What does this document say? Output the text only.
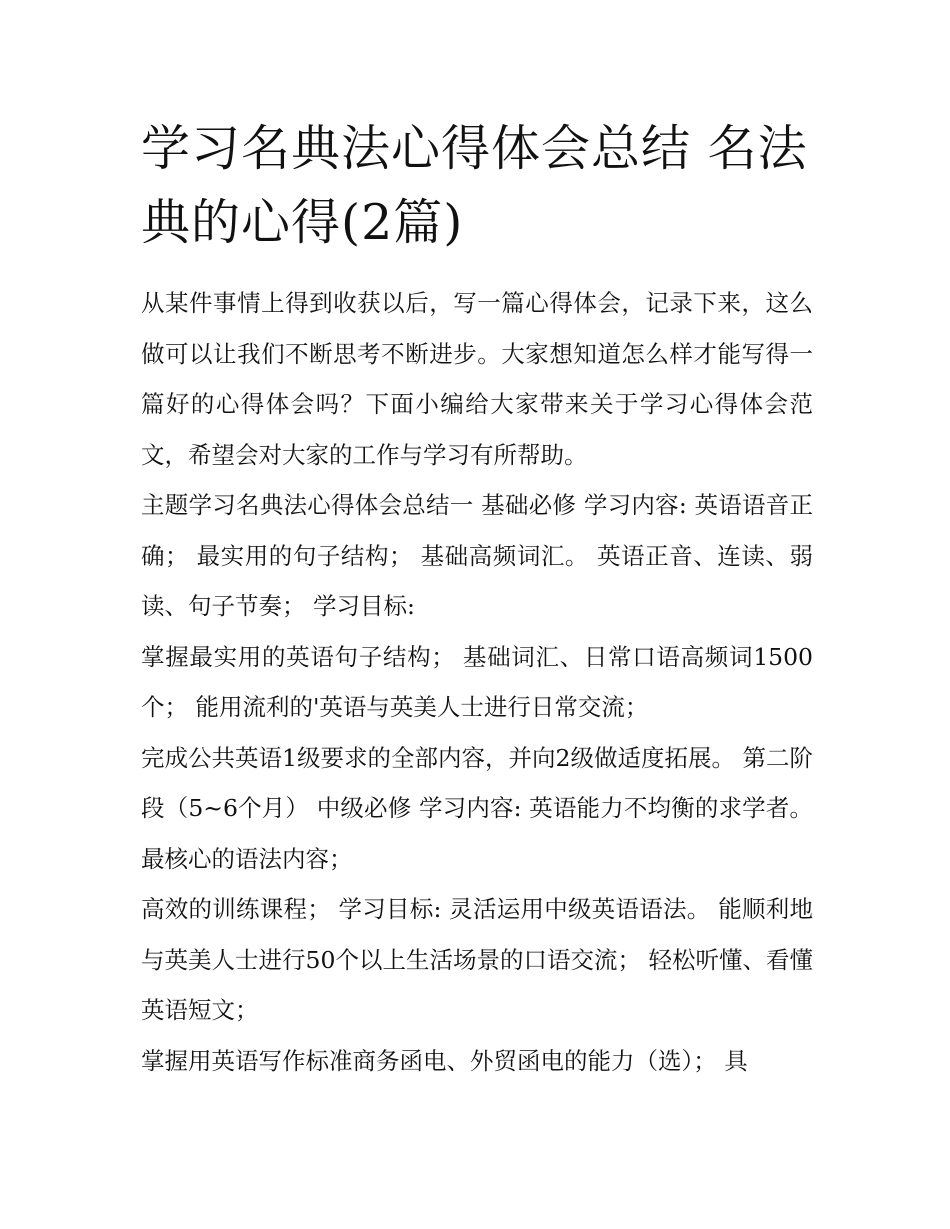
学习名典法心得体会总结 名法典的心得(2篇)

从某件事情上得到收获以后，写一篇心得体会，记录下来，这么做可以让我们不断思考不断进步。大家想知道怎么样才能写得一篇好的心得体会吗？下面小编给大家带来关于学习心得体会范文，希望会对大家的工作与学习有所帮助。

主题学习名典法心得体会总结一 基础必修 学习内容: 英语语音正确； 最实用的句子结构； 基础高频词汇。 英语正音、连读、弱读、句子节奏； 学习目标:

掌握最实用的英语句子结构； 基础词汇、日常口语高频词1500个； 能用流利的'英语与英美人士进行日常交流；

完成公共英语1级要求的全部内容，并向2级做适度拓展。 第二阶段（5~6个月） 中级必修 学习内容: 英语能力不均衡的求学者。 最核心的语法内容；

高效的训练课程； 学习目标: 灵活运用中级英语语法。 能顺利地与英美人士进行50个以上生活场景的口语交流； 轻松听懂、看懂英语短文；

掌握用英语写作标准商务函电、外贸函电的能力（选）； 具
